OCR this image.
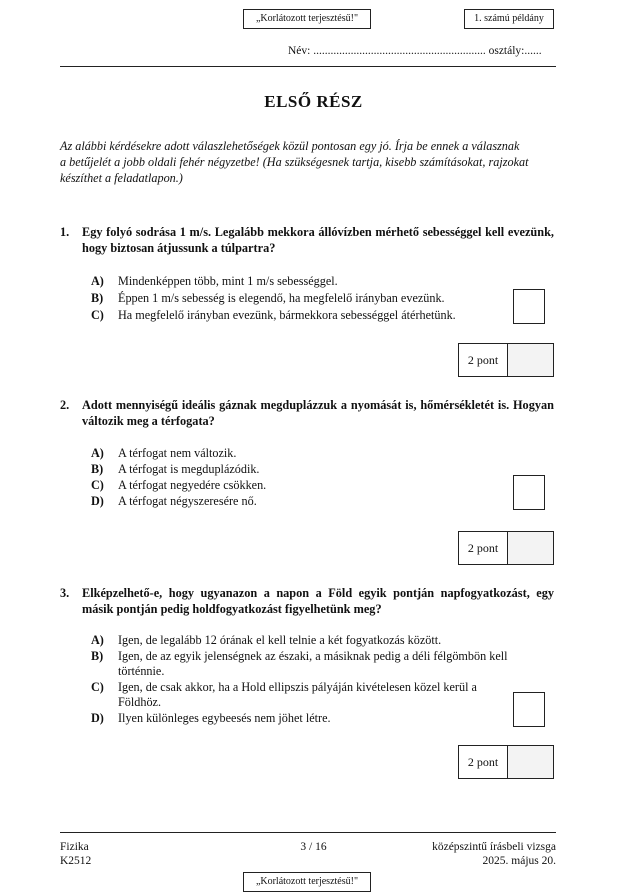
„Korlátozott terjesztésű!"	1. számú példány
Név: ............................................................ osztály:......
ELSŐ RÉSZ
Az alábbi kérdésekre adott válaszlehetőségek közül pontosan egy jó. Írja be ennek a válasznak
a betűjelét a jobb oldali fehér négyzetbe! (Ha szükségesnek tartja, kisebb számításokat, rajzokat
készíthet a feladatlapon.)
1.	Egy folyó sodrása 1 m/s. Legalább mekkora állóvízben mérhető sebességgel kell evezünk, hogy biztosan átjussunk a túlpartra?
A)	Mindenképpen több, mint 1 m/s sebességgel.
B)	Éppen 1 m/s sebesség is elegendő, ha megfelelő irányban evezünk.
C)	Ha megfelelő irányban evezünk, bármekkora sebességgel átérhetünk.
2 pont
2.	Adott mennyiségű ideális gáznak megduplázzuk a nyomását is, hőmérsékletét is. Hogyan változik meg a térfogata?
A)	A térfogat nem változik.
B)	A térfogat is megduplázódik.
C)	A térfogat negyedére csökken.
D)	A térfogat négyszeresére nő.
2 pont
3.	Elképzelhető-e, hogy ugyanazon a napon a Föld egyik pontján napfogyatkozást, egy másik pontján pedig holdfogyatkozást figyelhetünk meg?
A)	Igen, de legalább 12 órának el kell telnie a két fogyatkozás között.
B)	Igen, de az egyik jelenségnek az északi, a másiknak pedig a déli félgömbön kell történnie.
C)	Igen, de csak akkor, ha a Hold ellipszis pályáján kivételesen közel kerül a Földhöz.
D)	Ilyen különleges egybeesés nem jöhet létre.
2 pont
Fizika
K2512
3 / 16	középszintű írásbeli vizsga
2025. május 20.
„Korlátozott terjesztésű!"
